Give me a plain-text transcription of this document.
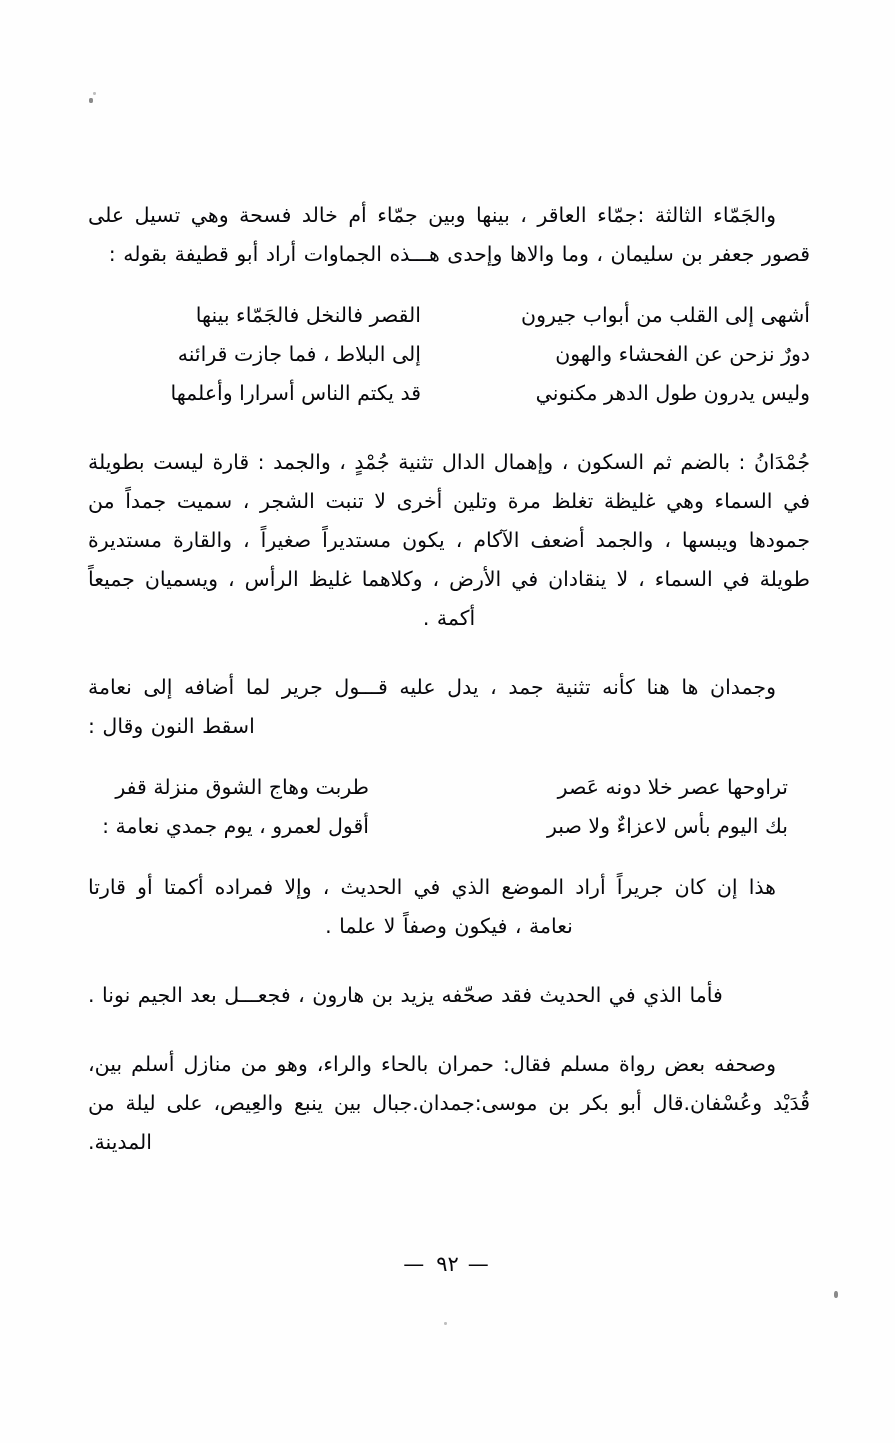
والجَمّاء الثالثة :جمّاء العاقر ، بينها وبين جمّاء أم خالد فسحة وهي تسيل على قصور جعفر بن سليمان ، وما والاها وإحدى هـــذه الجماوات أراد أبو قطيفة بقوله :

أشهى إلى القلب من أبواب جيرون
القصر فالنخل فالجَمّاء بينها
دورٌ نزحن عن الفحشاء والهون
إلى البلاط ، فما جازت قرائنه
وليس يدرون طول الدهر مكنوني
قد يكتم الناس أسرارا وأعلمها

جُمْدَانُ : بالضم ثم السكون ، وإهمال الدال تثنية جُمْدٍ ، والجمد : قارة ليست بطويلة في السماء وهي غليظة تغلظ مرة وتلين أخرى لا تنبت الشجر ، سميت جمداً من جمودها ويبسها ، والجمد أضعف الآكام ، يكون مستديراً صغيراً ، والقارة مستديرة طويلة في السماء ، لا ينقادان في الأرض ، وكلاهما غليظ الرأس ، ويسميان جميعاً أكمة .

وجمدان ها هنا كأنه تثنية جمد ، يدل عليه قـــول جرير لما أضافه إلى نعامة اسقط النون وقال :

تراوحها عصر خلا دونه عَصر
طربت وهاج الشوق منزلة قفر
بك اليوم بأس لاعزاءٌ ولا صبر
أقول لعمرو ، يوم جمدي نعامة :

هذا إن كان جريراً أراد الموضع الذي في الحديث ، وإلا فمراده أكمتا أو قارتا نعامة ، فيكون وصفاً لا علما .

فأما الذي في الحديث فقد صحّفه يزيد بن هارون ، فجعـــل بعد الجيم نونا .

وصحفه بعض رواة مسلم فقال: حمران بالحاء والراء، وهو من منازل أسلم بين، قُدَيْد وعُسْفان.قال أبو بكر بن موسى:جمدان.جبال بين ينبع والعِيص، على ليلة من المدينة.

—٩٢—
